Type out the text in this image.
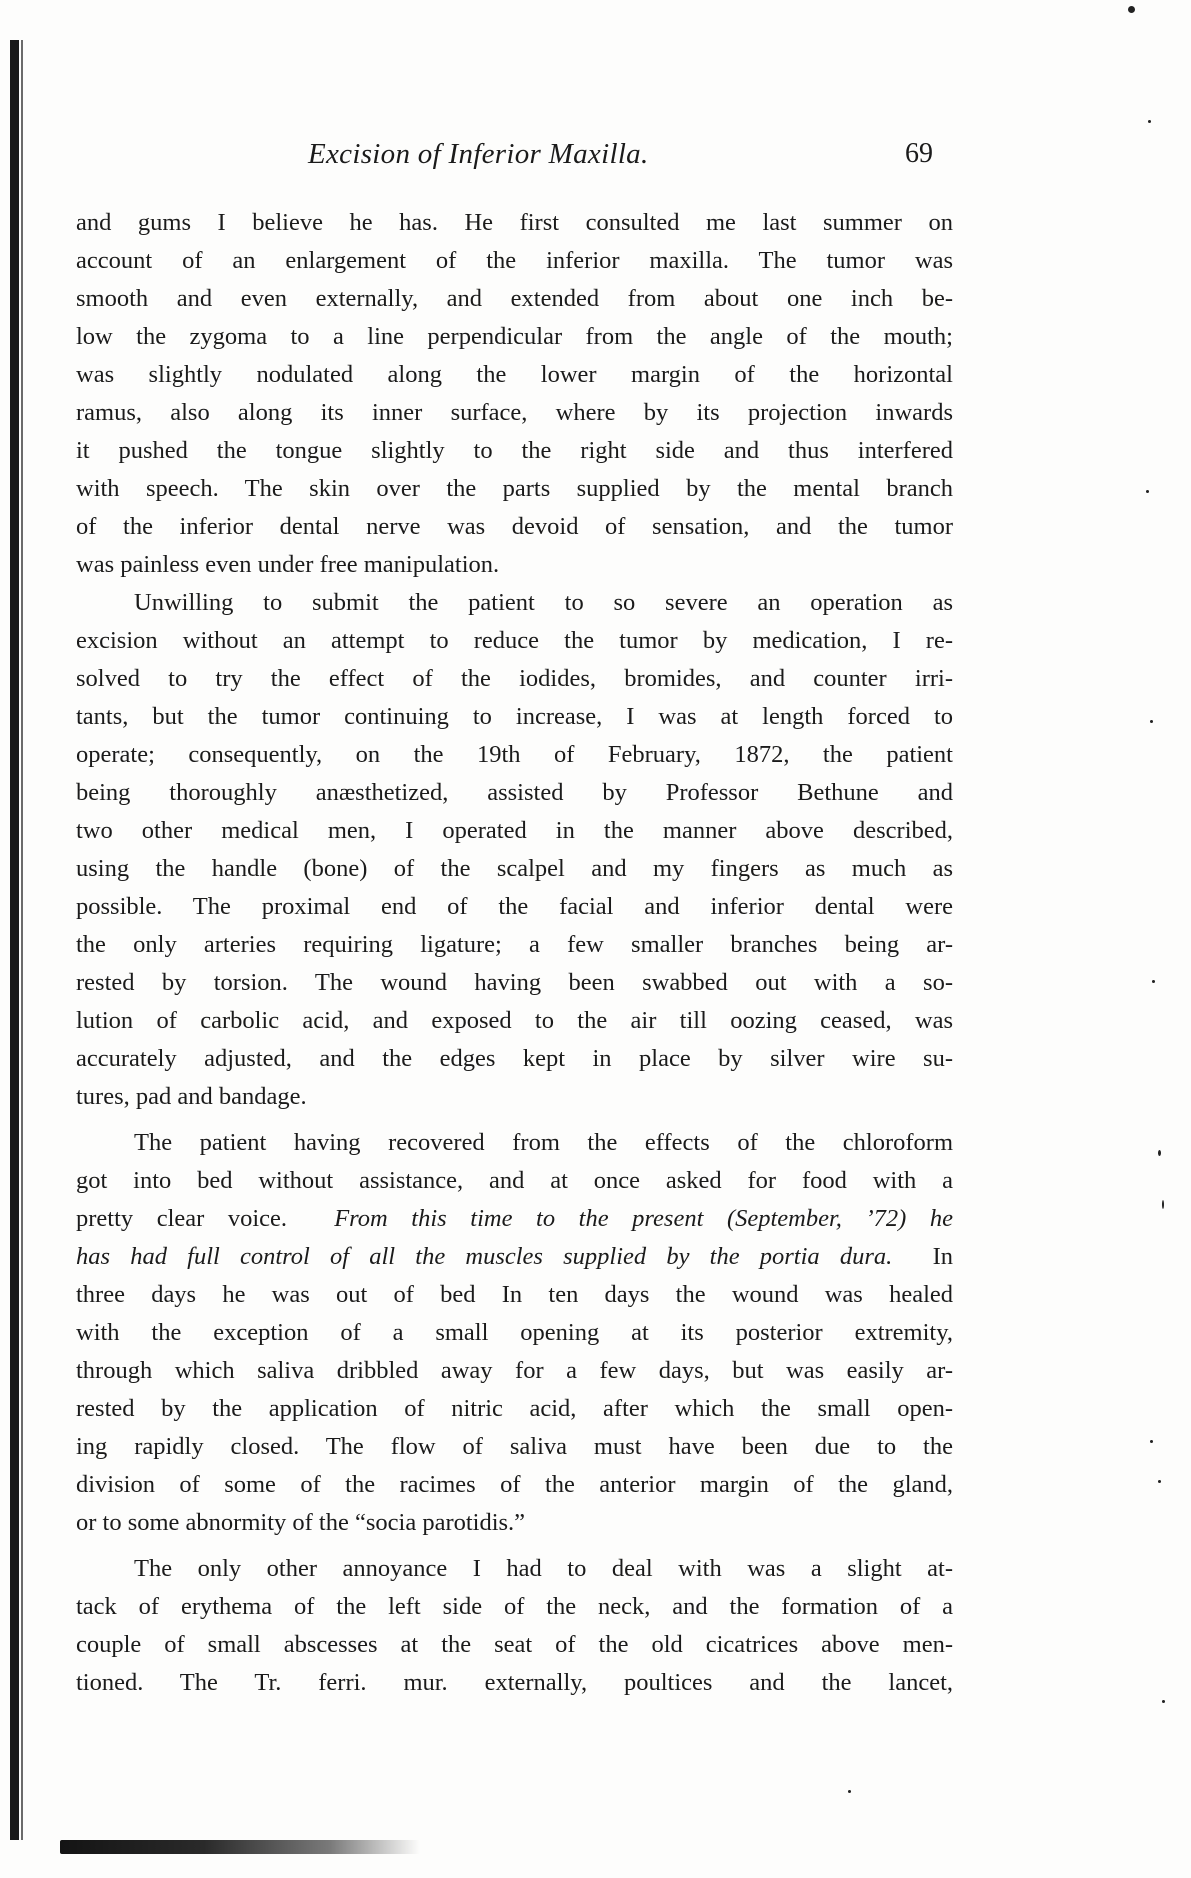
Excision of Inferior Maxilla.	69
and gums I believe he has. He first consulted me last summer on
account of an enlargement of the inferior maxilla. The tumor was
smooth and even externally, and extended from about one inch be-
low the zygoma to a line perpendicular from the angle of the mouth;
was slightly nodulated along the lower margin of the horizontal
ramus, also along its inner surface, where by its projection inwards
it pushed the tongue slightly to the right side and thus interfered
with speech. The skin over the parts supplied by the mental branch
of the inferior dental nerve was devoid of sensation, and the tumor
was painless even under free manipulation.
Unwilling to submit the patient to so severe an operation as
excision without an attempt to reduce the tumor by medication, I re-
solved to try the effect of the iodides, bromides, and counter irri-
tants, but the tumor continuing to increase, I was at length forced to
operate; consequently, on the 19th of February, 1872, the patient
being thoroughly anæsthetized, assisted by Professor Bethune and
two other medical men, I operated in the manner above described,
using the handle (bone) of the scalpel and my fingers as much as
possible. The proximal end of the facial and inferior dental were
the only arteries requiring ligature; a few smaller branches being ar-
rested by torsion. The wound having been swabbed out with a so-
lution of carbolic acid, and exposed to the air till oozing ceased, was
accurately adjusted, and the edges kept in place by silver wire su-
tures, pad and bandage.
The patient having recovered from the effects of the chloroform
got into bed without assistance, and at once asked for food with a
pretty clear voice. From this time to the present (September, ’72) he
has had full control of all the muscles supplied by the portia dura. In
three days he was out of bed In ten days the wound was healed
with the exception of a small opening at its posterior extremity,
through which saliva dribbled away for a few days, but was easily ar-
rested by the application of nitric acid, after which the small open-
ing rapidly closed. The flow of saliva must have been due to the
division of some of the racimes of the anterior margin of the gland,
or to some abnormity of the “socia parotidis.”
The only other annoyance I had to deal with was a slight at-
tack of erythema of the left side of the neck, and the formation of a
couple of small abscesses at the seat of the old cicatrices above men-
tioned. The Tr. ferri. mur. externally, poultices and the lancet,
